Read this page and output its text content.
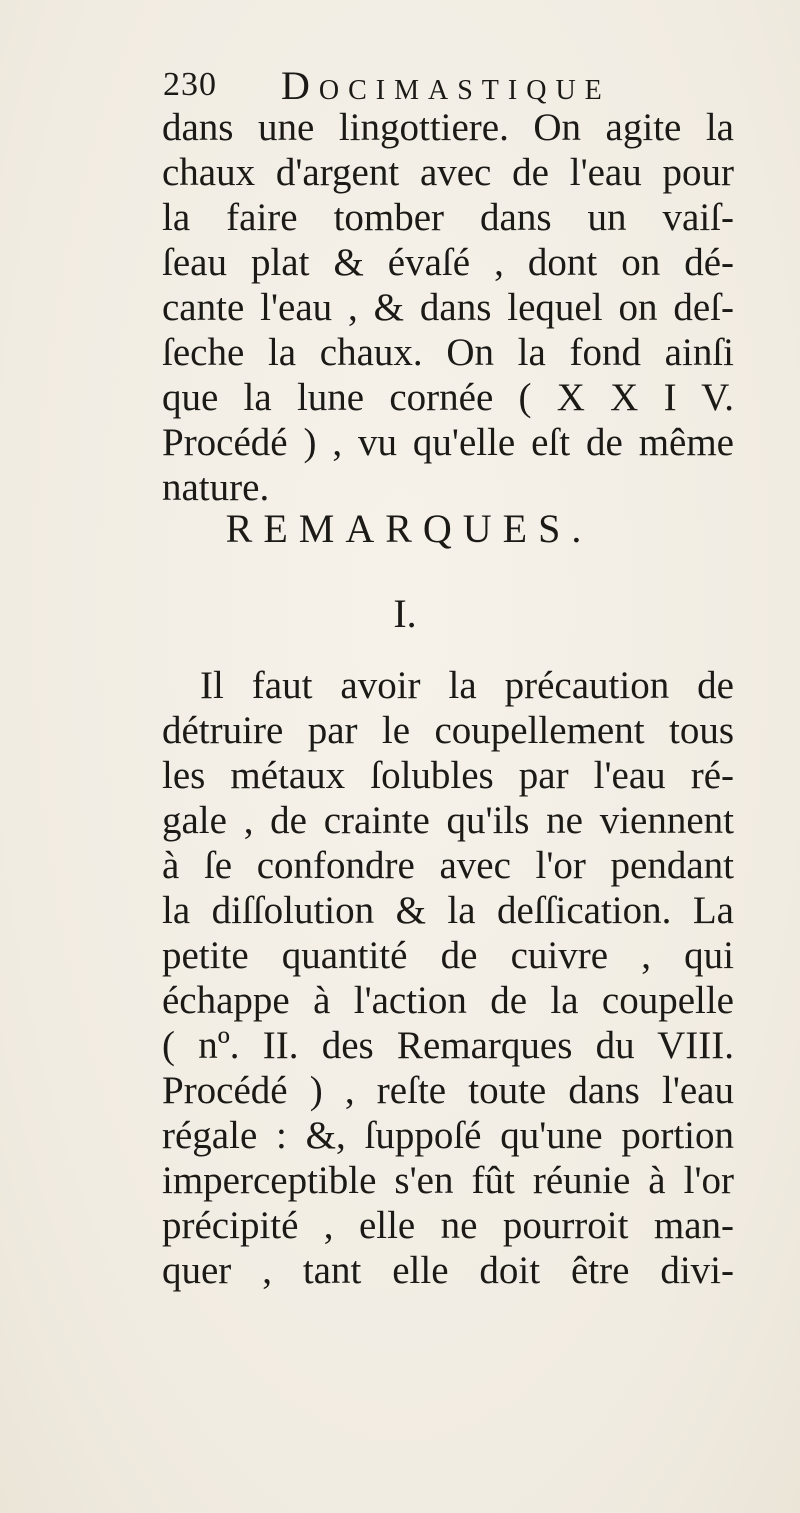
230 Docimastique
dans une lingottiere. On agite la
chaux d'argent avec de l'eau pour
la faire tomber dans un vaiſ-
ſeau plat & évaſé , dont on dé-
cante l'eau , & dans lequel on deſ-
ſeche la chaux. On la fond ainſi
que la lune cornée ( X X I V.
Procédé ) , vu qu'elle eſt de même
nature.
REMARQUES.
I.
Il faut avoir la précaution de
détruire par le coupellement tous
les métaux ſolubles par l'eau ré-
gale , de crainte qu'ils ne viennent
à ſe confondre avec l'or pendant
la diſſolution & la deſſication. La
petite quantité de cuivre , qui
échappe à l'action de la coupelle
( nº. II. des Remarques du VIII.
Procédé ) , reſte toute dans l'eau
régale : &, ſuppoſé qu'une portion
imperceptible s'en fût réunie à l'or
précipité , elle ne pourroit man-
quer , tant elle doit être divi-
